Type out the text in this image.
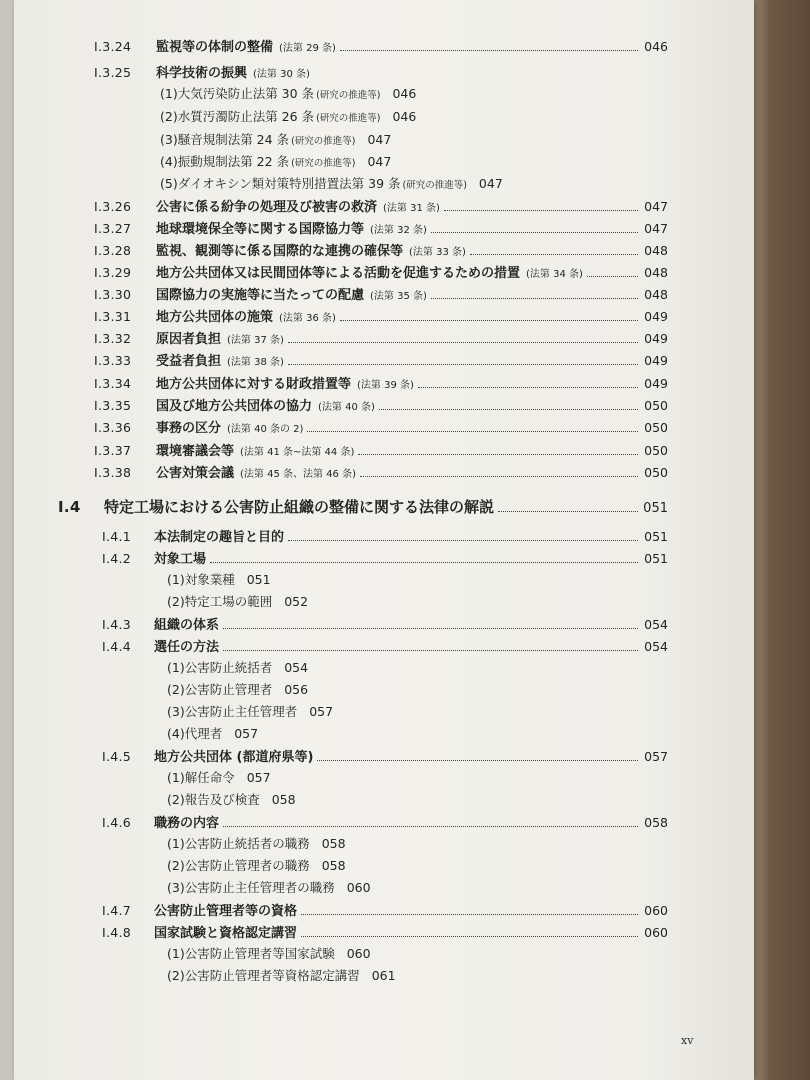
I.3.24	監視等の体制の整備 (法第 29 条)	046
I.3.25	科学技術の振興 (法第 30 条)
(1)大気汚染防止法第 30 条 (研究の推進等) 046
(2)水質汚濁防止法第 26 条 (研究の推進等) 046
(3)騒音規制法第 24 条 (研究の推進等) 047
(4)振動規制法第 22 条 (研究の推進等) 047
(5)ダイオキシン類対策特別措置法第 39 条 (研究の推進等) 047
I.3.26	公害に係る紛争の処理及び被害の救済 (法第 31 条)	047
I.3.27	地球環境保全等に関する国際協力等 (法第 32 条)	047
I.3.28	監視、観測等に係る国際的な連携の確保等 (法第 33 条)	048
I.3.29	地方公共団体又は民間団体等による活動を促進するための措置 (法第 34 条)	048
I.3.30	国際協力の実施等に当たっての配慮 (法第 35 条)	048
I.3.31	地方公共団体の施策 (法第 36 条)	049
I.3.32	原因者負担 (法第 37 条)	049
I.3.33	受益者負担 (法第 38 条)	049
I.3.34	地方公共団体に対する財政措置等 (法第 39 条)	049
I.3.35	国及び地方公共団体の協力 (法第 40 条)	050
I.3.36	事務の区分 (法第 40 条の 2)	050
I.3.37	環境審議会等 (法第 41 条~法第 44 条)	050
I.3.38	公害対策会議 (法第 45 条、法第 46 条)	050
I.4	特定工場における公害防止組織の整備に関する法律の解説	051
I.4.1	本法制定の趣旨と目的	051
I.4.2	対象工場	051
(1)対象業種 051
(2)特定工場の範囲 052
I.4.3	組織の体系	054
I.4.4	選任の方法	054
(1)公害防止統括者 054
(2)公害防止管理者 056
(3)公害防止主任管理者 057
(4)代理者 057
I.4.5	地方公共団体 (都道府県等)	057
(1)解任命令 057
(2)報告及び検査 058
I.4.6	職務の内容	058
(1)公害防止統括者の職務 058
(2)公害防止管理者の職務 058
(3)公害防止主任管理者の職務 060
I.4.7	公害防止管理者等の資格	060
I.4.8	国家試験と資格認定講習	060
(1)公害防止管理者等国家試験 060
(2)公害防止管理者等資格認定講習 061
xv
